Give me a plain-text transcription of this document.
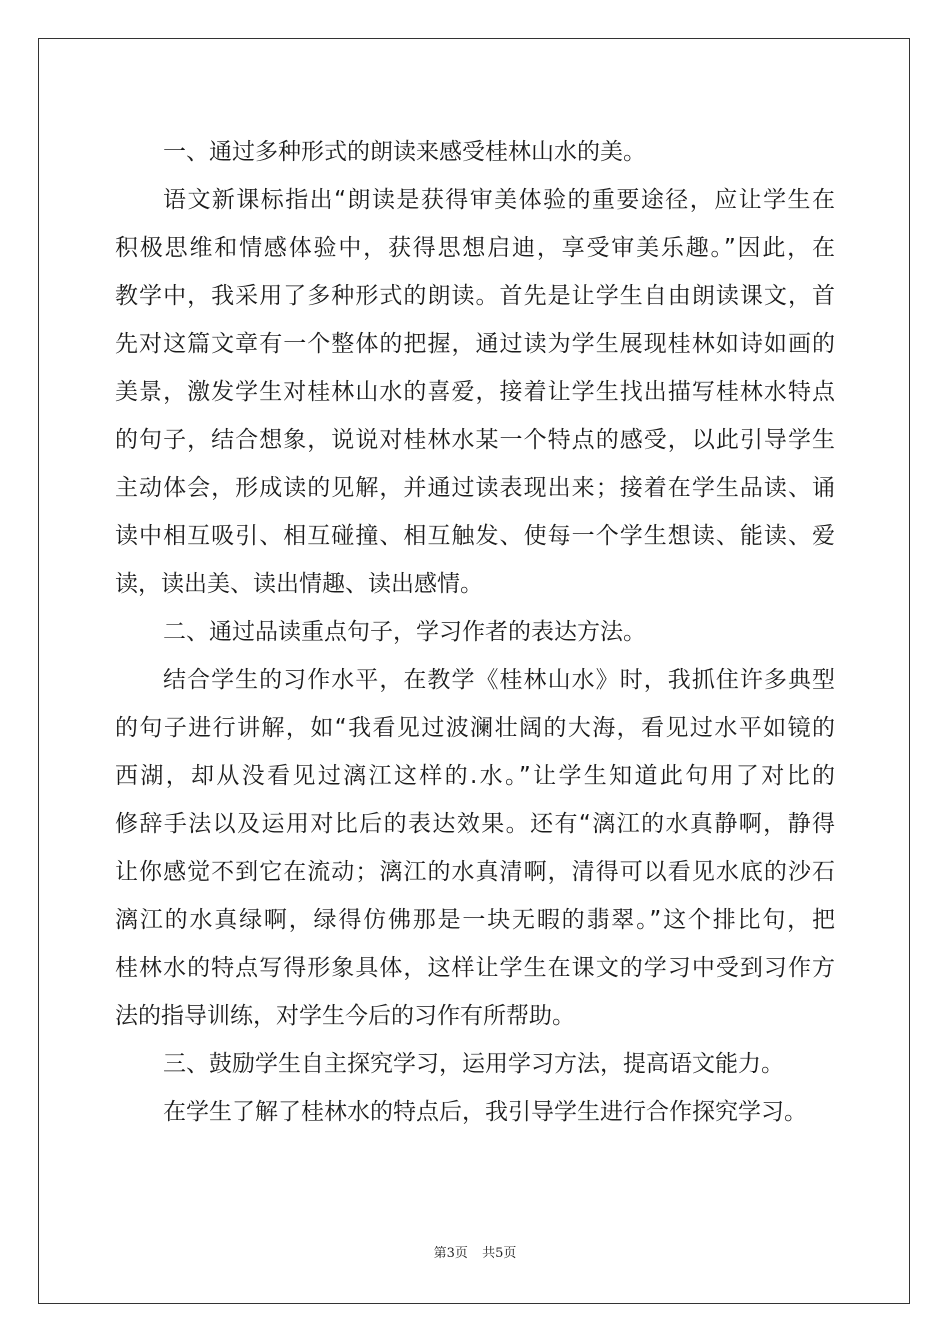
一、通过多种形式的朗读来感受桂林山水的美。

语文新课标指出“朗读是获得审美体验的重要途径，应让学生在

积极思维和情感体验中，获得思想启迪，享受审美乐趣。”因此，在

教学中，我采用了多种形式的朗读。首先是让学生自由朗读课文，首

先对这篇文章有一个整体的把握，通过读为学生展现桂林如诗如画的

美景，激发学生对桂林山水的喜爱，接着让学生找出描写桂林水特点

的句子，结合想象，说说对桂林水某一个特点的感受，以此引导学生

主动体会，形成读的见解，并通过读表现出来；接着在学生品读、诵

读中相互吸引、相互碰撞、相互触发、使每一个学生想读、能读、爱

读，读出美、读出情趣、读出感情。

二、通过品读重点句子，学习作者的表达方法。

结合学生的习作水平，在教学《桂林山水》时，我抓住许多典型

的句子进行讲解，如“我看见过波澜壮阔的大海，看见过水平如镜的

西湖，却从没看见过漓江这样的.水。”让学生知道此句用了对比的

修辞手法以及运用对比后的表达效果。还有“漓江的水真静啊，静得

让你感觉不到它在流动；漓江的水真清啊，清得可以看见水底的沙石

漓江的水真绿啊，绿得仿佛那是一块无暇的翡翠。”这个排比句，把

桂林水的特点写得形象具体，这样让学生在课文的学习中受到习作方

法的指导训练，对学生今后的习作有所帮助。

三、鼓励学生自主探究学习，运用学习方法，提高语文能力。

在学生了解了桂林水的特点后，我引导学生进行合作探究学习。

第3页 共5页
